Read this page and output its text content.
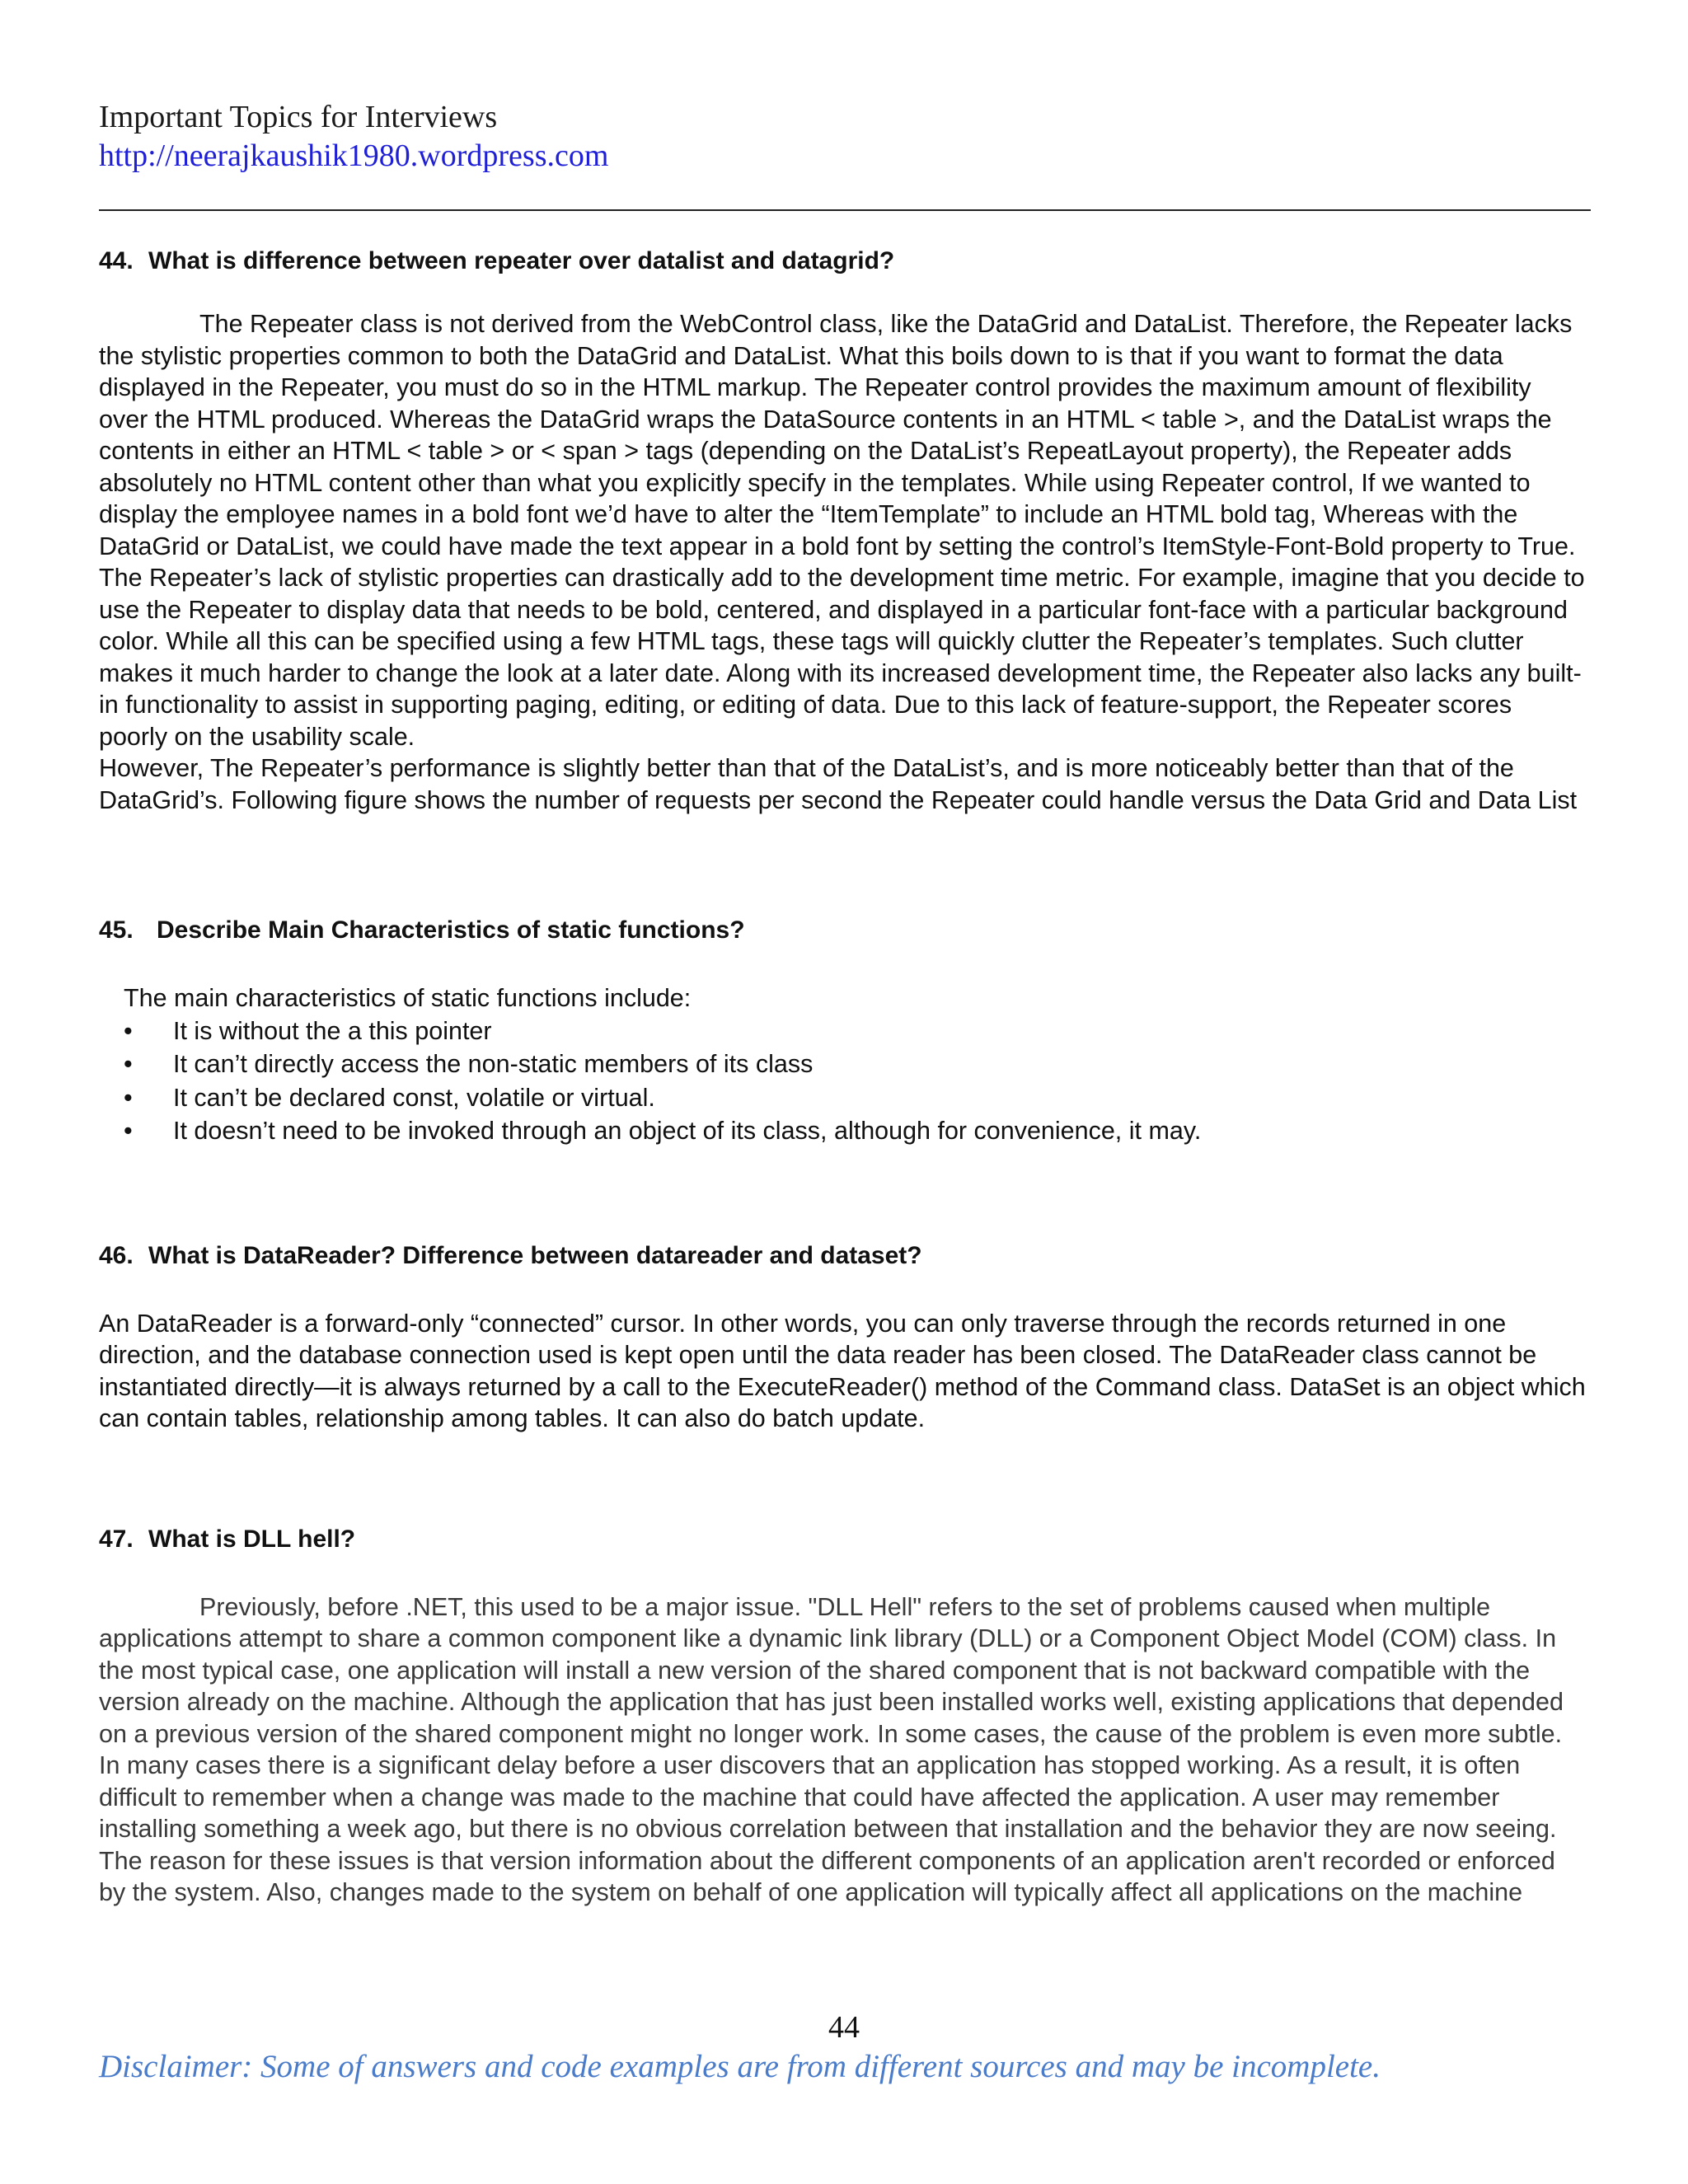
Important Topics for Interviews
http://neerajkaushik1980.wordpress.com
44. What is difference between repeater over datalist and datagrid?

The Repeater class is not derived from the WebControl class, like the DataGrid and DataList. Therefore, the Repeater lacks the stylistic properties common to both the DataGrid and DataList. What this boils down to is that if you want to format the data displayed in the Repeater, you must do so in the HTML markup. The Repeater control provides the maximum amount of flexibility over the HTML produced. Whereas the DataGrid wraps the DataSource contents in an HTML < table >, and the DataList wraps the contents in either an HTML < table > or < span > tags (depending on the DataList’s RepeatLayout property), the Repeater adds absolutely no HTML content other than what you explicitly specify in the templates. While using Repeater control, If we wanted to display the employee names in a bold font we’d have to alter the “ItemTemplate” to include an HTML bold tag, Whereas with the DataGrid or DataList, we could have made the text appear in a bold font by setting the control’s ItemStyle-Font-Bold property to True. The Repeater’s lack of stylistic properties can drastically add to the development time metric. For example, imagine that you decide to use the Repeater to display data that needs to be bold, centered, and displayed in a particular font-face with a particular background color. While all this can be specified using a few HTML tags, these tags will quickly clutter the Repeater’s templates. Such clutter makes it much harder to change the look at a later date. Along with its increased development time, the Repeater also lacks any built-in functionality to assist in supporting paging, editing, or editing of data. Due to this lack of feature-support, the Repeater scores poorly on the usability scale.

However, The Repeater’s performance is slightly better than that of the DataList’s, and is more noticeably better than that of the DataGrid’s. Following figure shows the number of requests per second the Repeater could handle versus the Data Grid and Data List

45. Describe Main Characteristics of static functions?

The main characteristics of static functions include:

• It is without the a this pointer
• It can’t directly access the non-static members of its class
• It can’t be declared const, volatile or virtual.
• It doesn’t need to be invoked through an object of its class, although for convenience, it may.
46. What is DataReader? Difference between datareader and dataset?

An DataReader is a forward-only “connected” cursor. In other words, you can only traverse through the records returned in one direction, and the database connection used is kept open until the data reader has been closed. The DataReader class cannot be instantiated directly—it is always returned by a call to the ExecuteReader() method of the Command class. DataSet is an object which can contain tables, relationship among tables. It can also do batch update.

47. What is DLL hell?

Previously, before .NET, this used to be a major issue. "DLL Hell" refers to the set of problems caused when multiple applications attempt to share a common component like a dynamic link library (DLL) or a Component Object Model (COM) class. In the most typical case, one application will install a new version of the shared component that is not backward compatible with the version already on the machine. Although the application that has just been installed works well, existing applications that depended on a previous version of the shared component might no longer work. In some cases, the cause of the problem is even more subtle. In many cases there is a significant delay before a user discovers that an application has stopped working. As a result, it is often difficult to remember when a change was made to the machine that could have affected the application. A user may remember installing something a week ago, but there is no obvious correlation between that installation and the behavior they are now seeing. The reason for these issues is that version information about the different components of an application aren't recorded or enforced by the system. Also, changes made to the system on behalf of one application will typically affect all applications on the machine

44
Disclaimer: Some of answers and code examples are from different sources and may be incomplete.
